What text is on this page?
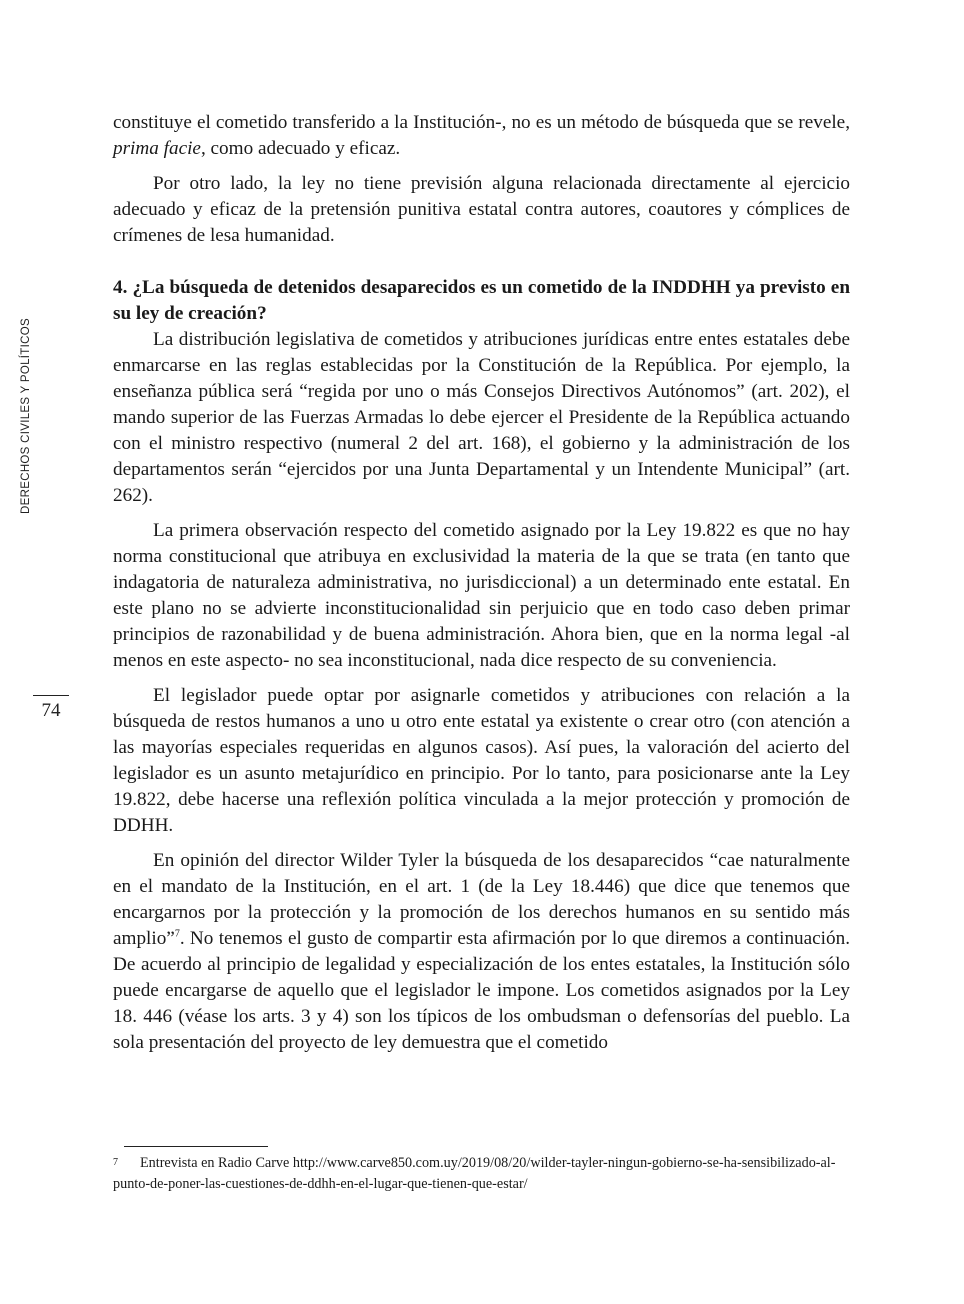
DERECHOS CIVILES Y POLÍTICOS
74

constituye el cometido transferido a la Institución-, no es un método de búsqueda que se revele, prima facie, como adecuado y eficaz.

Por otro lado, la ley no tiene previsión alguna relacionada directamente al ejercicio adecuado y eficaz de la pretensión punitiva estatal contra autores, coautores y cómplices de crímenes de lesa humanidad.

4. ¿La búsqueda de detenidos desaparecidos es un cometido de la INDDHH ya previsto en su ley de creación?

La distribución legislativa de cometidos y atribuciones jurídicas entre entes estatales debe enmarcarse en las reglas establecidas por la Constitución de la República. Por ejemplo, la enseñanza pública será “regida por uno o más Consejos Directivos Autónomos” (art. 202), el mando superior de las Fuerzas Armadas lo debe ejercer el Presidente de la República actuando con el ministro respectivo (numeral 2 del art. 168), el gobierno y la administración de los departamentos serán “ejercidos por una Junta Departamental y un Intendente Municipal” (art. 262).

La primera observación respecto del cometido asignado por la Ley 19.822 es que no hay norma constitucional que atribuya en exclusividad la materia de la que se trata (en tanto que indagatoria de naturaleza administrativa, no jurisdiccional) a un determinado ente estatal. En este plano no se advierte inconstitucionalidad sin perjuicio que en todo caso deben primar principios de razonabilidad y de buena administración. Ahora bien, que en la norma legal -al menos en este aspecto- no sea inconstitucional, nada dice respecto de su conveniencia.

El legislador puede optar por asignarle cometidos y atribuciones con relación a la búsqueda de restos humanos a uno u otro ente estatal ya existente o crear otro (con atención a las mayorías especiales requeridas en algunos casos). Así pues, la valoración del acierto del legislador es un asunto metajurídico en principio. Por lo tanto, para posicionarse ante la Ley 19.822, debe hacerse una reflexión política vinculada a la mejor protección y promoción de DDHH.

En opinión del director Wilder Tyler la búsqueda de los desaparecidos “cae naturalmente en el mandato de la Institución, en el art. 1 (de la Ley 18.446) que dice que tenemos que encargarnos por la protección y la promoción de los derechos humanos en su sentido más amplio”$^7$. No tenemos el gusto de compartir esta afirmación por lo que diremos a continuación. De acuerdo al principio de legalidad y especialización de los entes estatales, la Institución sólo puede encargarse de aquello que el legislador le impone. Los cometidos asignados por la Ley 18. 446 (véase los arts. 3 y 4) son los típicos de los ombudsman o defensorías del pueblo. La sola presentación del proyecto de ley demuestra que el cometido

$^7$ Entrevista en Radio Carve http://www.carve850.com.uy/2019/08/20/wilder-tayler-ningun-gobierno-se-ha-sensibilizado-al-punto-de-poner-las-cuestiones-de-ddhh-en-el-lugar-que-tienen-que-estar/
